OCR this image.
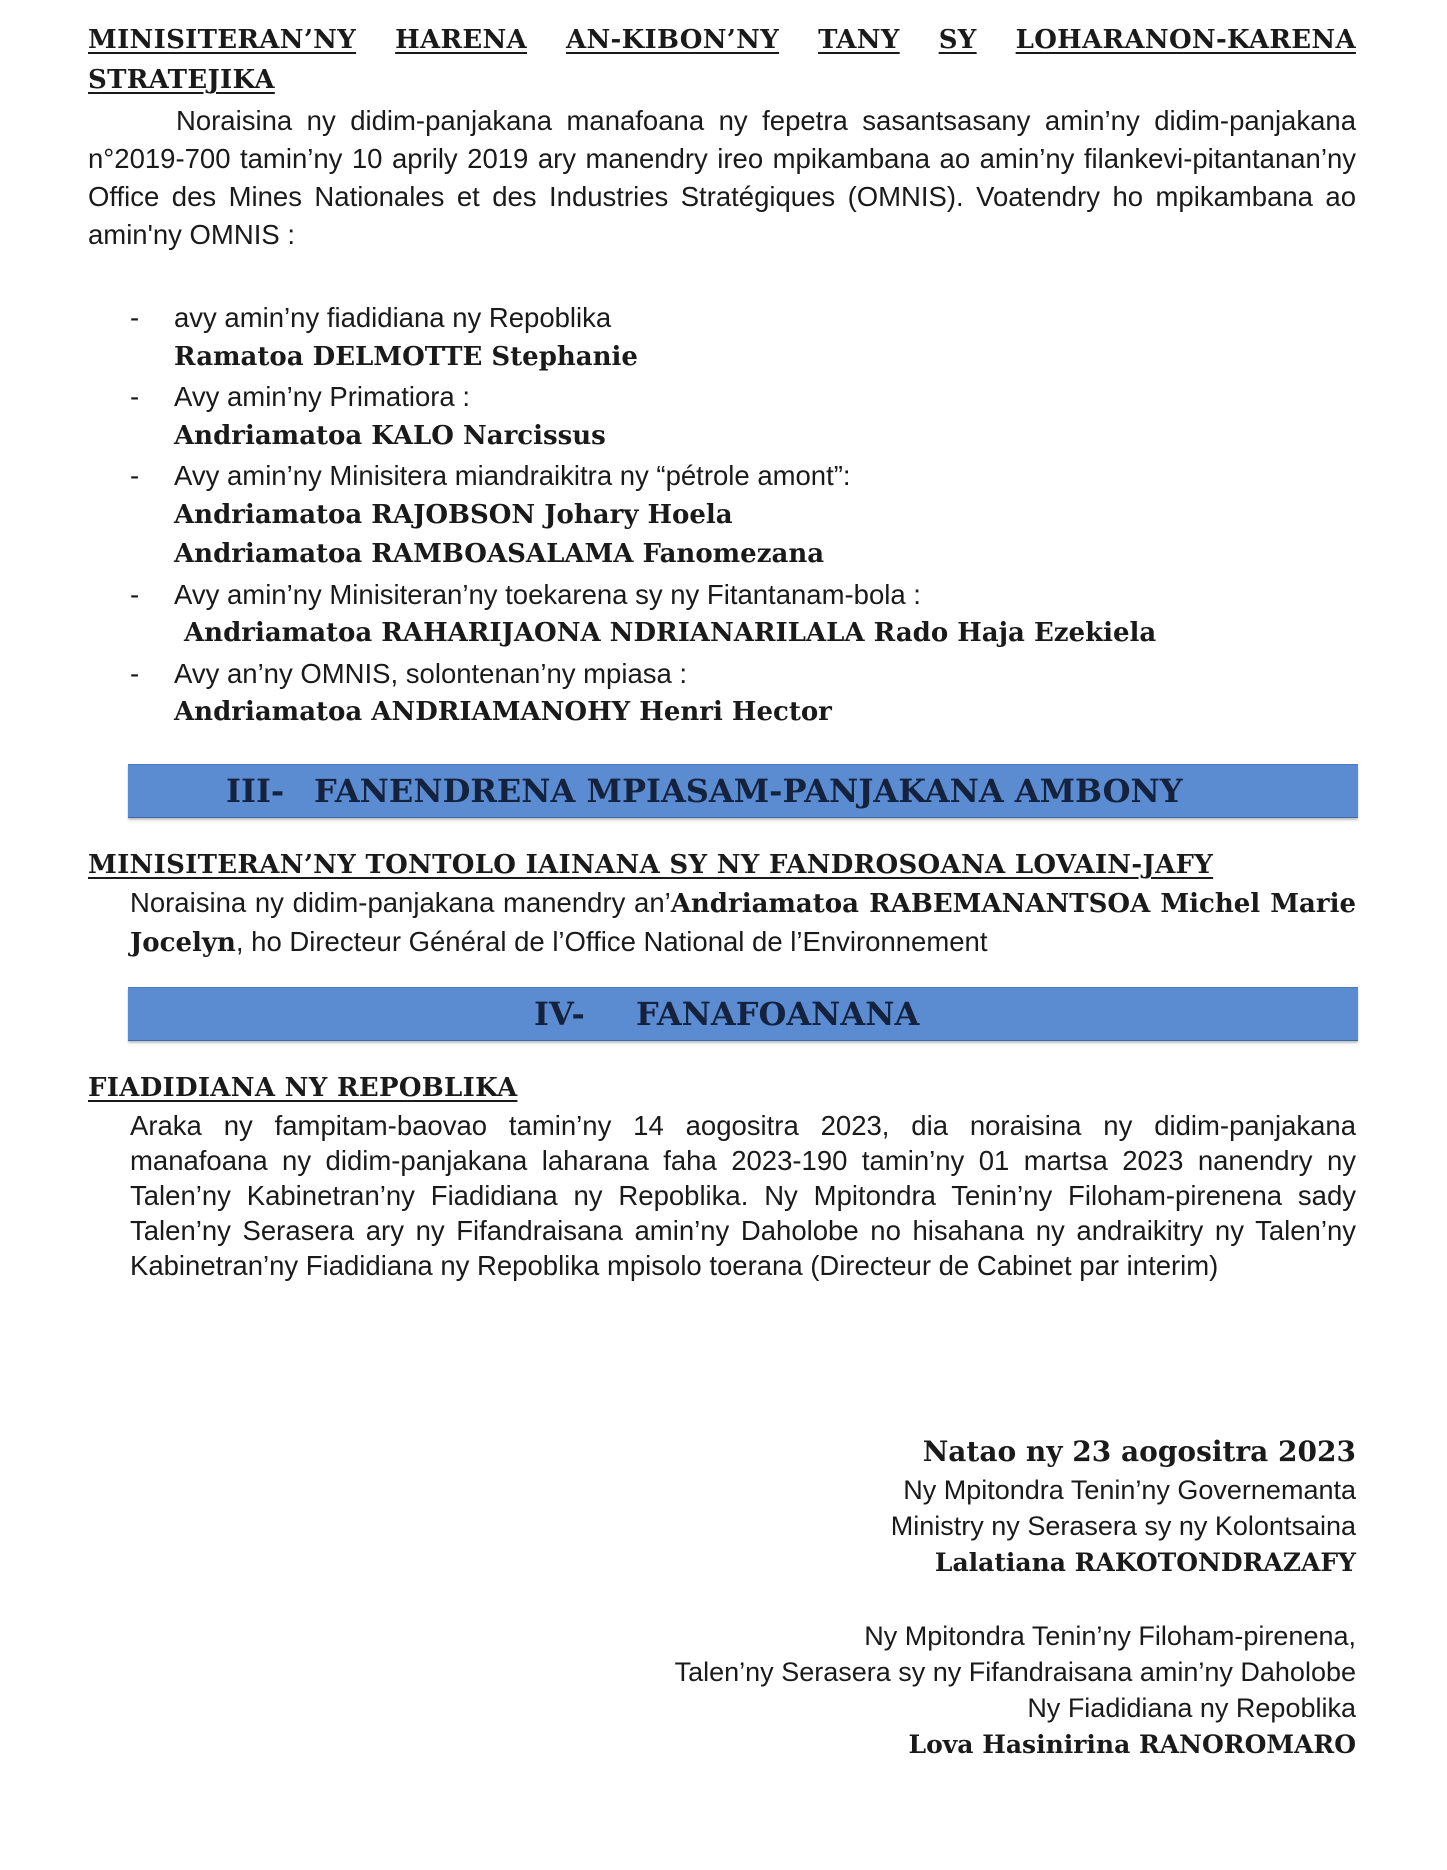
MINISITERAN’NY HARENA AN-KIBON’NY TANY SY LOHARANON-KARENA
STRATEJIKA
Noraisina ny didim-panjakana manafoana ny fepetra sasantsasany amin’ny didim-panjakana n°2019-700 tamin’ny 10 aprily 2019 ary manendry ireo mpikambana ao amin’ny filankevi-pitantanan’ny Office des Mines Nationales et des Industries Stratégiques (OMNIS). Voatendry ho mpikambana ao amin'ny OMNIS :
- avy amin’ny fiadidiana ny Repoblika
Ramatoa DELMOTTE Stephanie
- Avy amin’ny Primatiora :
Andriamatoa KALO Narcissus
- Avy amin’ny Minisitera miandraikitra ny “pétrole amont”:
Andriamatoa RAJOBSON Johary Hoela
Andriamatoa RAMBOASALAMA Fanomezana
- Avy amin’ny Minisiteran’ny toekarena sy ny Fitantanam-bola :
Andriamatoa RAHARIJAONA NDRIANARILALA Rado Haja Ezekiela
- Avy an’ny OMNIS, solontenan’ny mpiasa :
Andriamatoa ANDRIAMANOHY Henri Hector
III- FANENDRENA MPIASAM-PANJAKANA AMBONY
MINISITERAN’NY TONTOLO IAINANA SY NY FANDROSOANA LOVAIN-JAFY
Noraisina ny didim-panjakana manendry an’Andriamatoa RABEMANANTSOA Michel Marie Jocelyn, ho Directeur Général de l’Office National de l’Environnement
IV- FANAFOANANA
FIADIDIANA NY REPOBLIKA
Araka ny fampitam-baovao tamin’ny 14 aogositra 2023, dia noraisina ny didim-panjakana manafoana ny didim-panjakana laharana faha 2023-190 tamin’ny 01 martsa 2023 nanendry ny Talen’ny Kabinetran’ny Fiadidiana ny Repoblika. Ny Mpitondra Tenin’ny Filoham-pirenena sady Talen’ny Serasera ary ny Fifandraisana amin’ny Daholobe no hisahana ny andraikitry ny Talen’ny Kabinetran’ny Fiadidiana ny Repoblika mpisolo toerana (Directeur de Cabinet par interim)
Natao ny 23 aogositra 2023
Ny Mpitondra Tenin’ny Governemanta
Ministry ny Serasera sy ny Kolontsaina
Lalatiana RAKOTONDRAZAFY
Ny Mpitondra Tenin’ny Filoham-pirenena,
Talen’ny Serasera sy ny Fifandraisana amin’ny Daholobe
Ny Fiadidiana ny Repoblika
Lova Hasinirina RANOROMARO
